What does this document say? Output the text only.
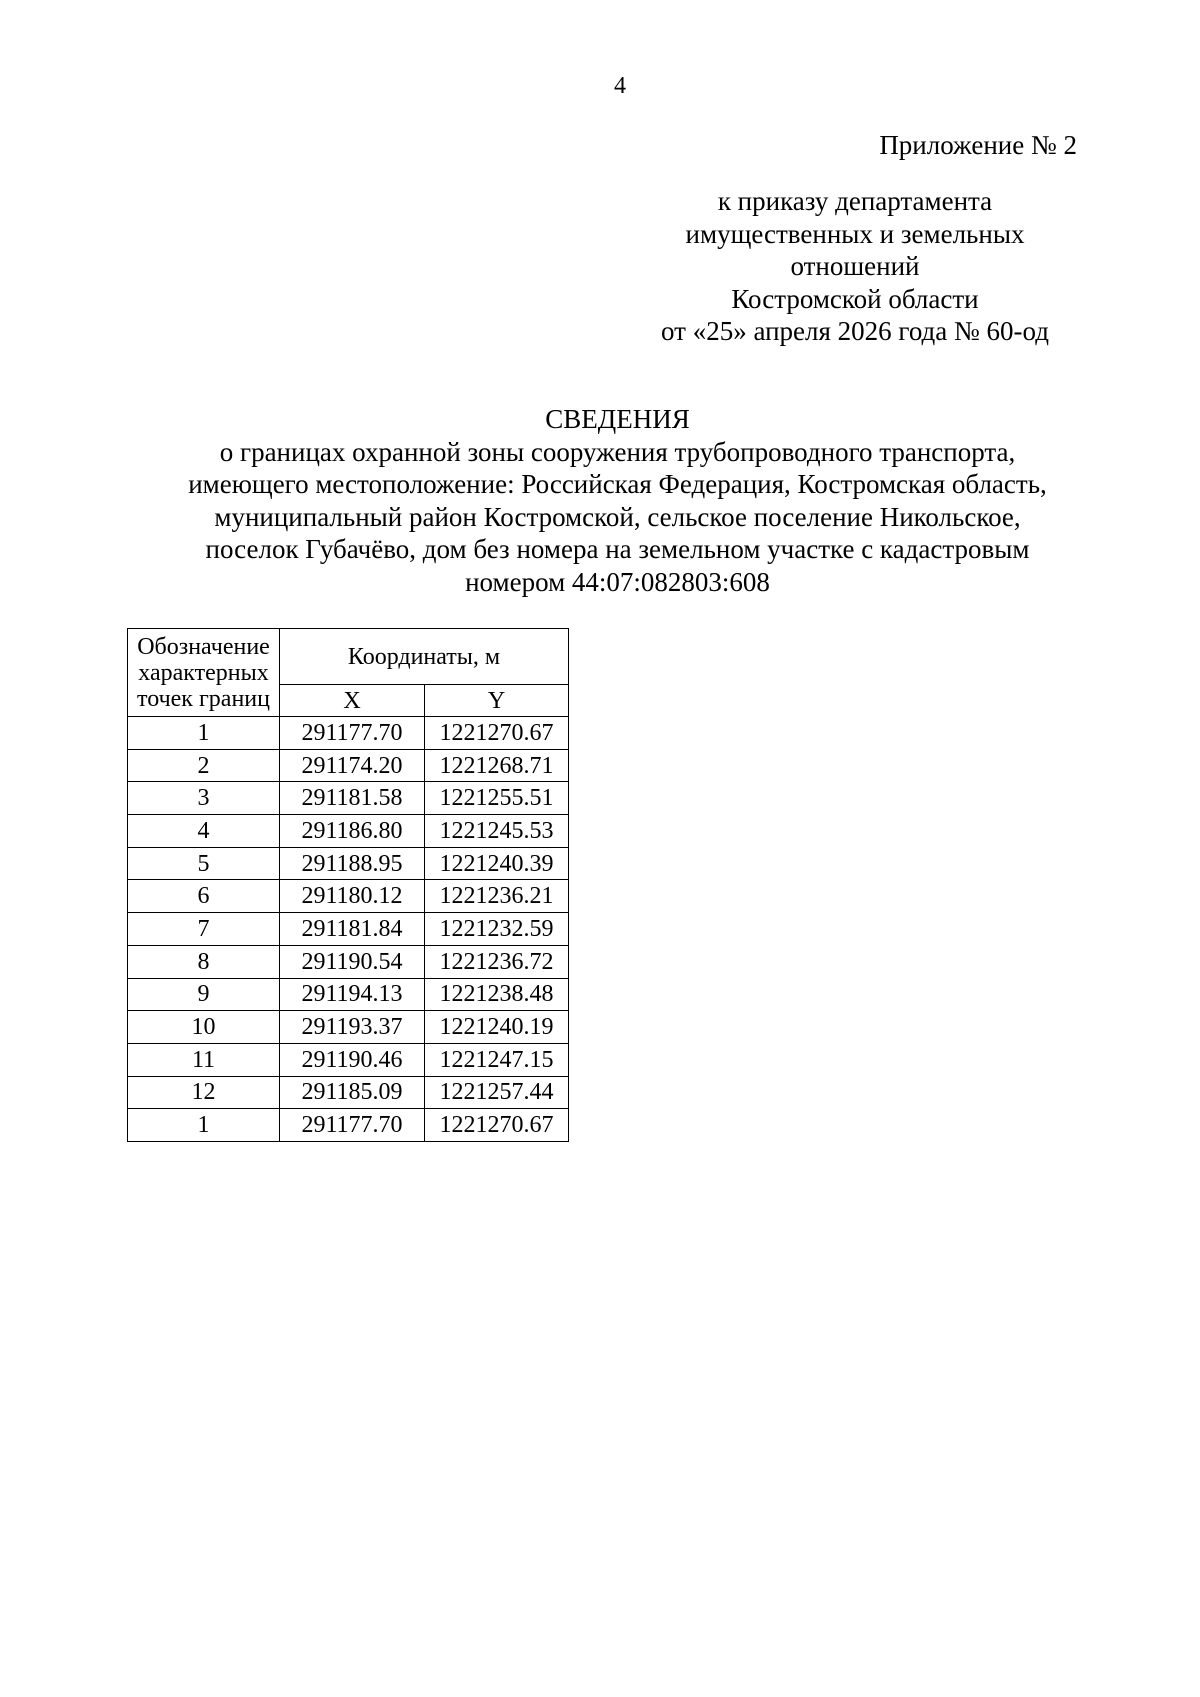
4
Приложение № 2
к приказу департамента
имущественных и земельных
отношений
Костромской области
от «25» апреля 2026 года № 60-од
СВЕДЕНИЯ
о границах охранной зоны сооружения трубопроводного транспорта,
имеющего местоположение: Российская Федерация, Костромская область,
муниципальный район Костромской, сельское поселение Никольское,
поселок Губачёво, дом без номера на земельном участке с кадастровым
номером 44:07:082803:608
Обозначение
характерных
точек границ	Координаты, м	
	X	Y
1	291177.70	1221270.67
2	291174.20	1221268.71
3	291181.58	1221255.51
4	291186.80	1221245.53
5	291188.95	1221240.39
6	291180.12	1221236.21
7	291181.84	1221232.59
8	291190.54	1221236.72
9	291194.13	1221238.48
10	291193.37	1221240.19
11	291190.46	1221247.15
12	291185.09	1221257.44
1	291177.70	1221270.67
